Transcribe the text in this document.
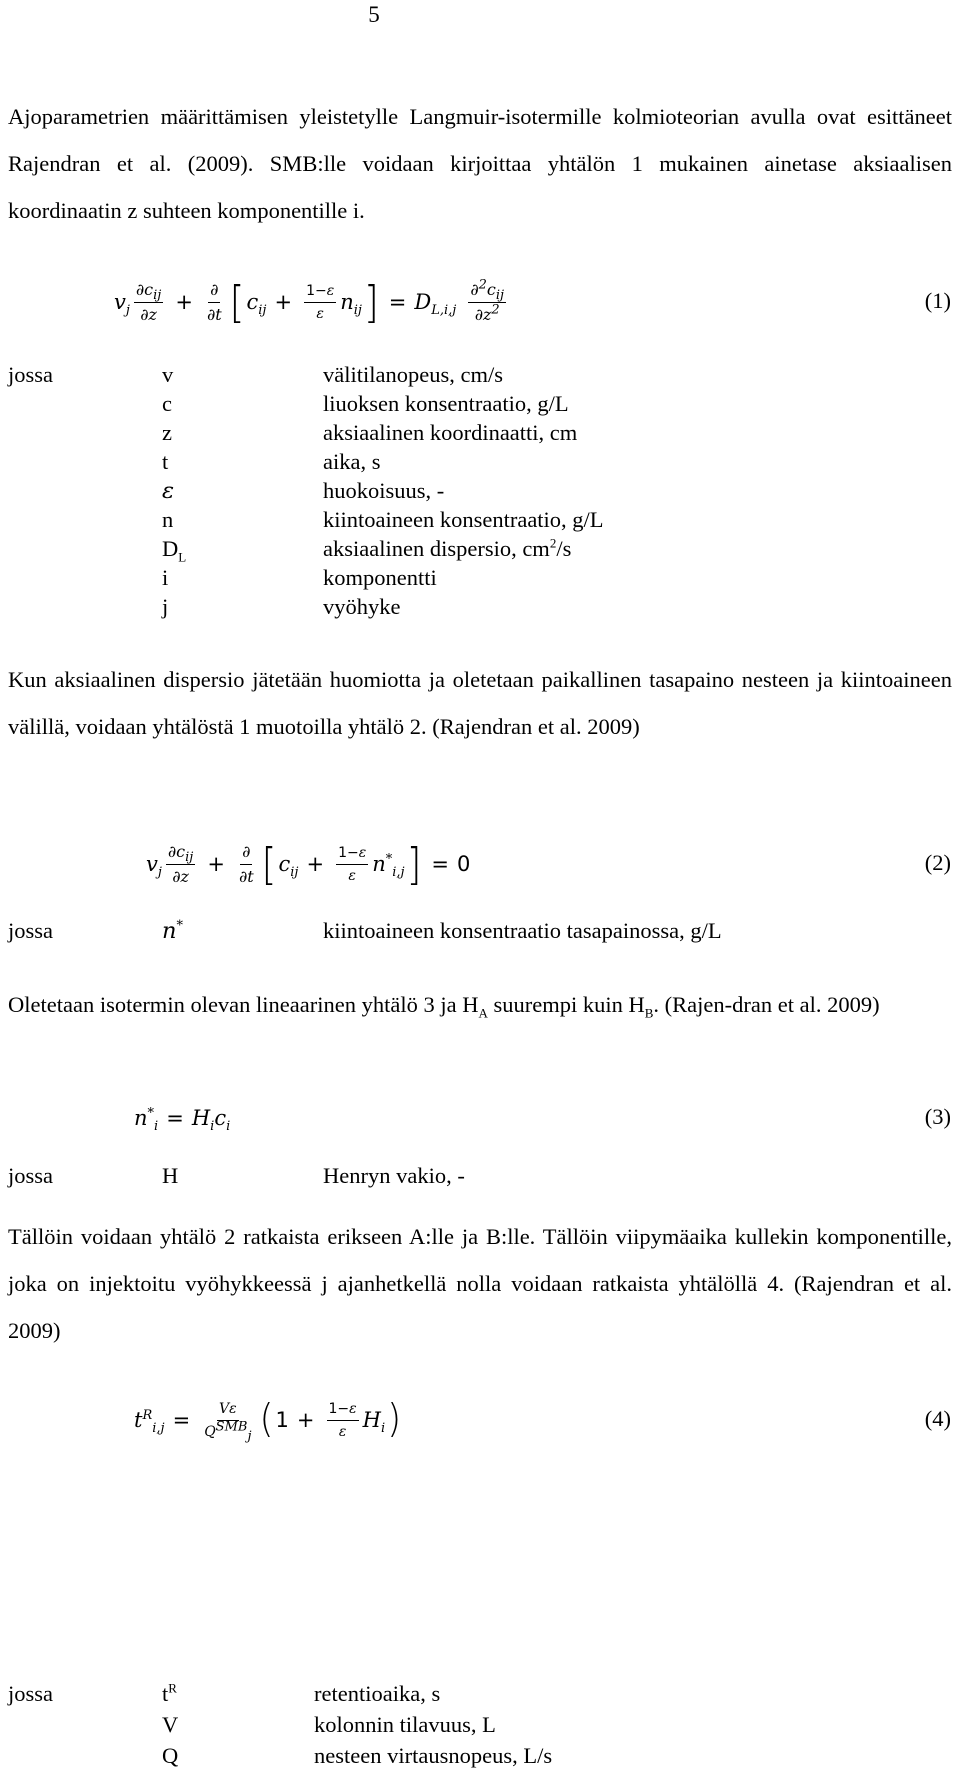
5

Ajoparametrien määrittämisen yleistetylle Langmuir-isotermille kolmioteorian avulla ovat esittäneet Rajendran et al. (2009). SMB:lle voidaan kirjoittaa yhtälön 1 mukainen ainetase aksiaalisen koordinaatin z suhteen komponentille i.

$v_j \frac{\partial c_{ij}}{\partial z} + \frac{\partial}{\partial t}$ [ $c_{ij} + \frac{1-\varepsilon}{\varepsilon} n_{ij}$ ] = $D_{L,i,j} \frac{\partial^2c_{ij}}{\partial z^2}$	(1)
jossa	v	välitilanopeus, cm/s
c	liuoksen konsentraatio, g/L
z	aksiaalinen koordinaatti, cm
t	aika, s
ε	huokoisuus, -
n	kiintoaineen konsentraatio, g/L
$D_L$	aksiaalinen dispersio, $cm^2/s$
i	komponentti
j	vyöhyke

Kun aksiaalinen dispersio jätetään huomiotta ja oletetaan paikallinen tasapaino nesteen ja kiintoaineen välillä, voidaan yhtälöstä 1 muotoilla yhtälö 2. (Rajendran et al. 2009)

$v_j \frac{\partial c_{ij}}{\partial z} + \frac{\partial}{\partial t}$ [ $c_{ij} + \frac{1-\varepsilon}{\varepsilon} n^*_{i,j}$ ] = 0	(2)
jossa	n*	kiintoaineen konsentraatio tasapainossa, g/L

Oletetaan isotermin olevan lineaarinen yhtälö 3 ja $H_A$ suurempi kuin $H_B$. (Rajen-dran et al. 2009)

$n^*_i = H_ic_i$	(3)
jossa	H	Henryn vakio, -

Tällöin voidaan yhtälö 2 ratkaista erikseen A:lle ja B:lle. Tällöin viipymäaika kullekin komponentille, joka on injektoitu vyöhykkeessä j ajanhetkellä nolla voidaan ratkaista yhtälöllä 4. (Rajendran et al. 2009)

$t^R_{i,j} = \frac{V\varepsilon}{Q^{SMB}_j}$ ( $1 + \frac{1-\varepsilon}{\varepsilon} H_i$ )	(4)
jossa	$t^R$	retentioaika, s
V	kolonnin tilavuus, L
Q	nesteen virtausnopeus, L/s
